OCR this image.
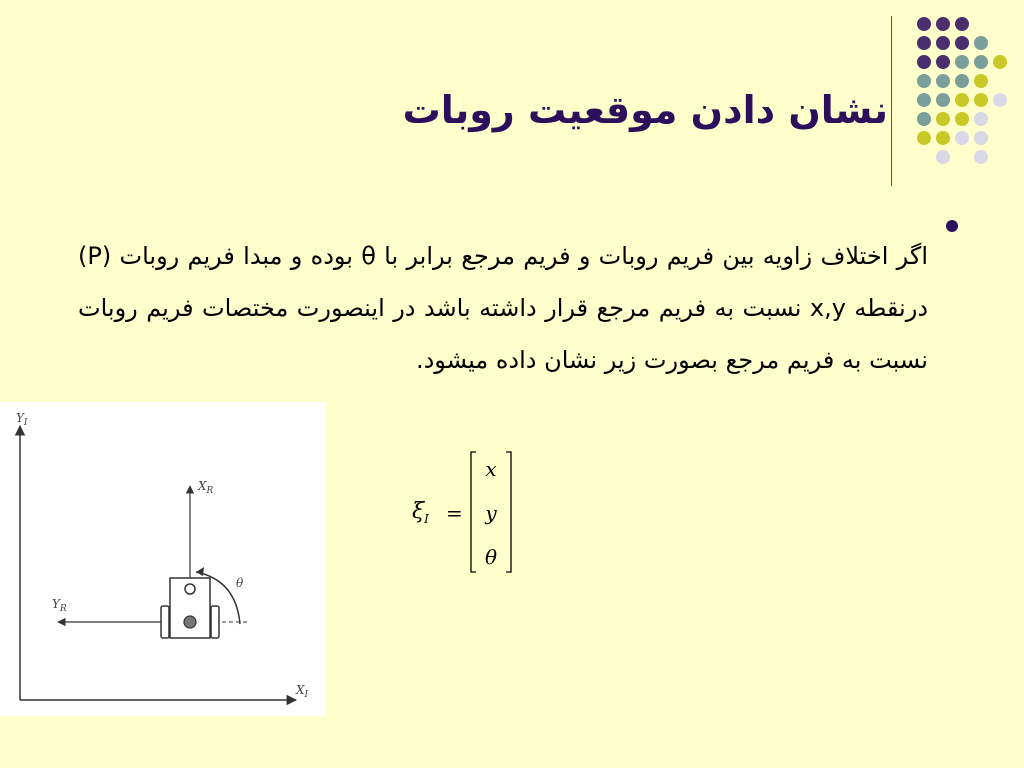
نشان دادن موقعیت روبات

اگر اختلاف زاویه بین فریم روبات و فریم مرجع برابر با θ بوده و مبدا فریم روبات (P) درنقطه x,y نسبت به فریم مرجع قرار داشته باشد در اینصورت مختصات فریم روبات نسبت به فریم مرجع بصورت زیر نشان داده میشود.

$Y_I$
$X_I$
$X_R$
$Y_R$
θ
$\xi_I$ =
x
y
θ
